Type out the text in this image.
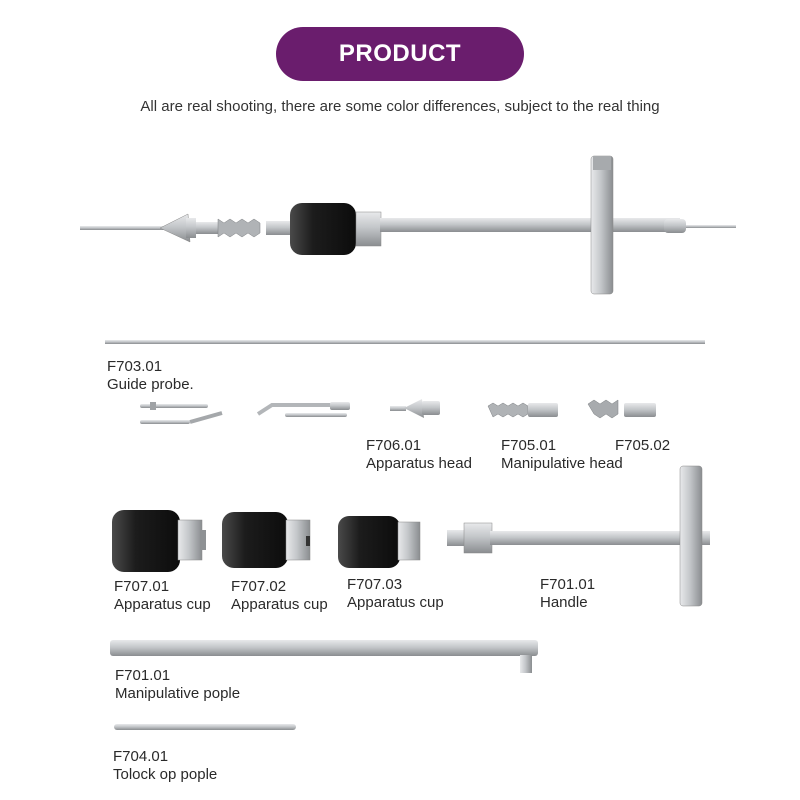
PRODUCT
All are real shooting, there are some color differences, subject to the real thing
F703.01
Guide probe.
F706.01
Apparatus head
F705.01
Manipulative head
F705.02
F707.01
Apparatus cup
F707.02
Apparatus cup
F707.03
Apparatus cup
F701.01
Handle
F701.01
Manipulative pople
F704.01
Tolock op pople
